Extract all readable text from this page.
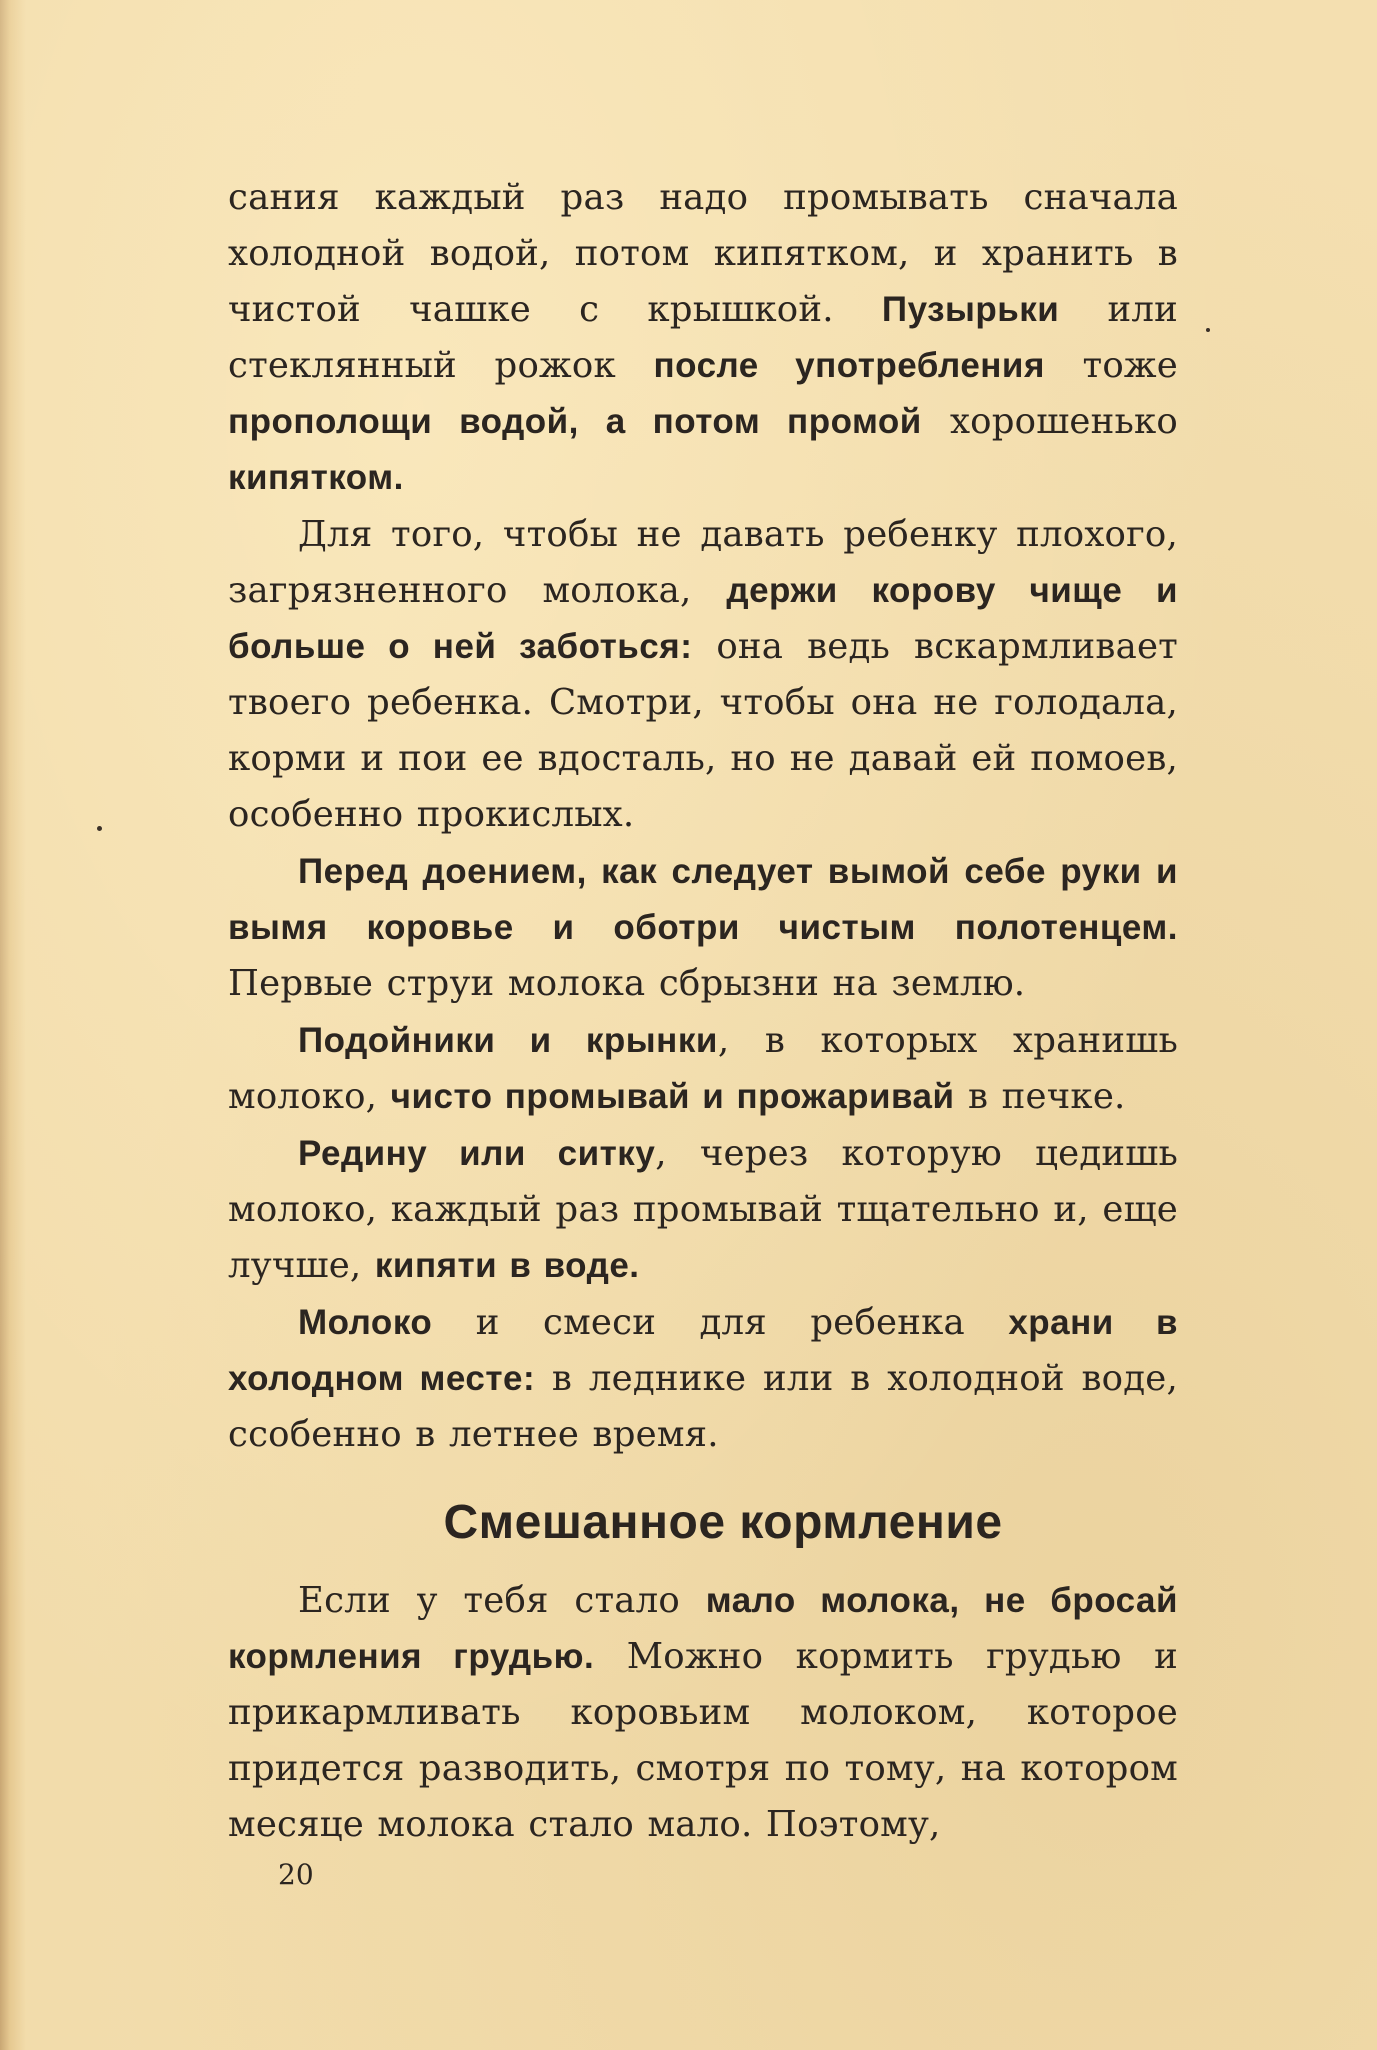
сания каждый раз надо промывать сначала холодной водой, потом кипятком, и хранить в чистой чашке с крышкой. Пузырьки или стеклянный рожок после употребления тоже прополощи водой, а потом промой хорошенько кипятком.

Для того, чтобы не давать ребенку плохого, загрязненного молока, держи корову чище и больше о ней заботься: она ведь вскармливает твоего ребенка. Смотри, чтобы она не голодала, корми и пои ее вдосталь, но не давай ей помоев, особенно прокислых.

Перед доением, как следует вымой себе руки и вымя коровье и оботри чистым полотенцем. Первые струи молока сбрызни на землю.

Подойники и крынки, в которых хранишь молоко, чисто промывай и прожаривай в печке.

Редину или ситку, через которую цедишь молоко, каждый раз промывай тщательно и, еще лучше, кипяти в воде.

Молоко и смеси для ребенка храни в холодном месте: в леднике или в холодной воде, ссобенно в летнее время.

Смешанное кормление

Если у тебя стало мало молока, не бросай кормления грудью. Можно кормить грудью и прикармливать коровьим молоком, которое придется разводить, смотря по тому, на котором месяце молока стало мало. Поэтому,

20
